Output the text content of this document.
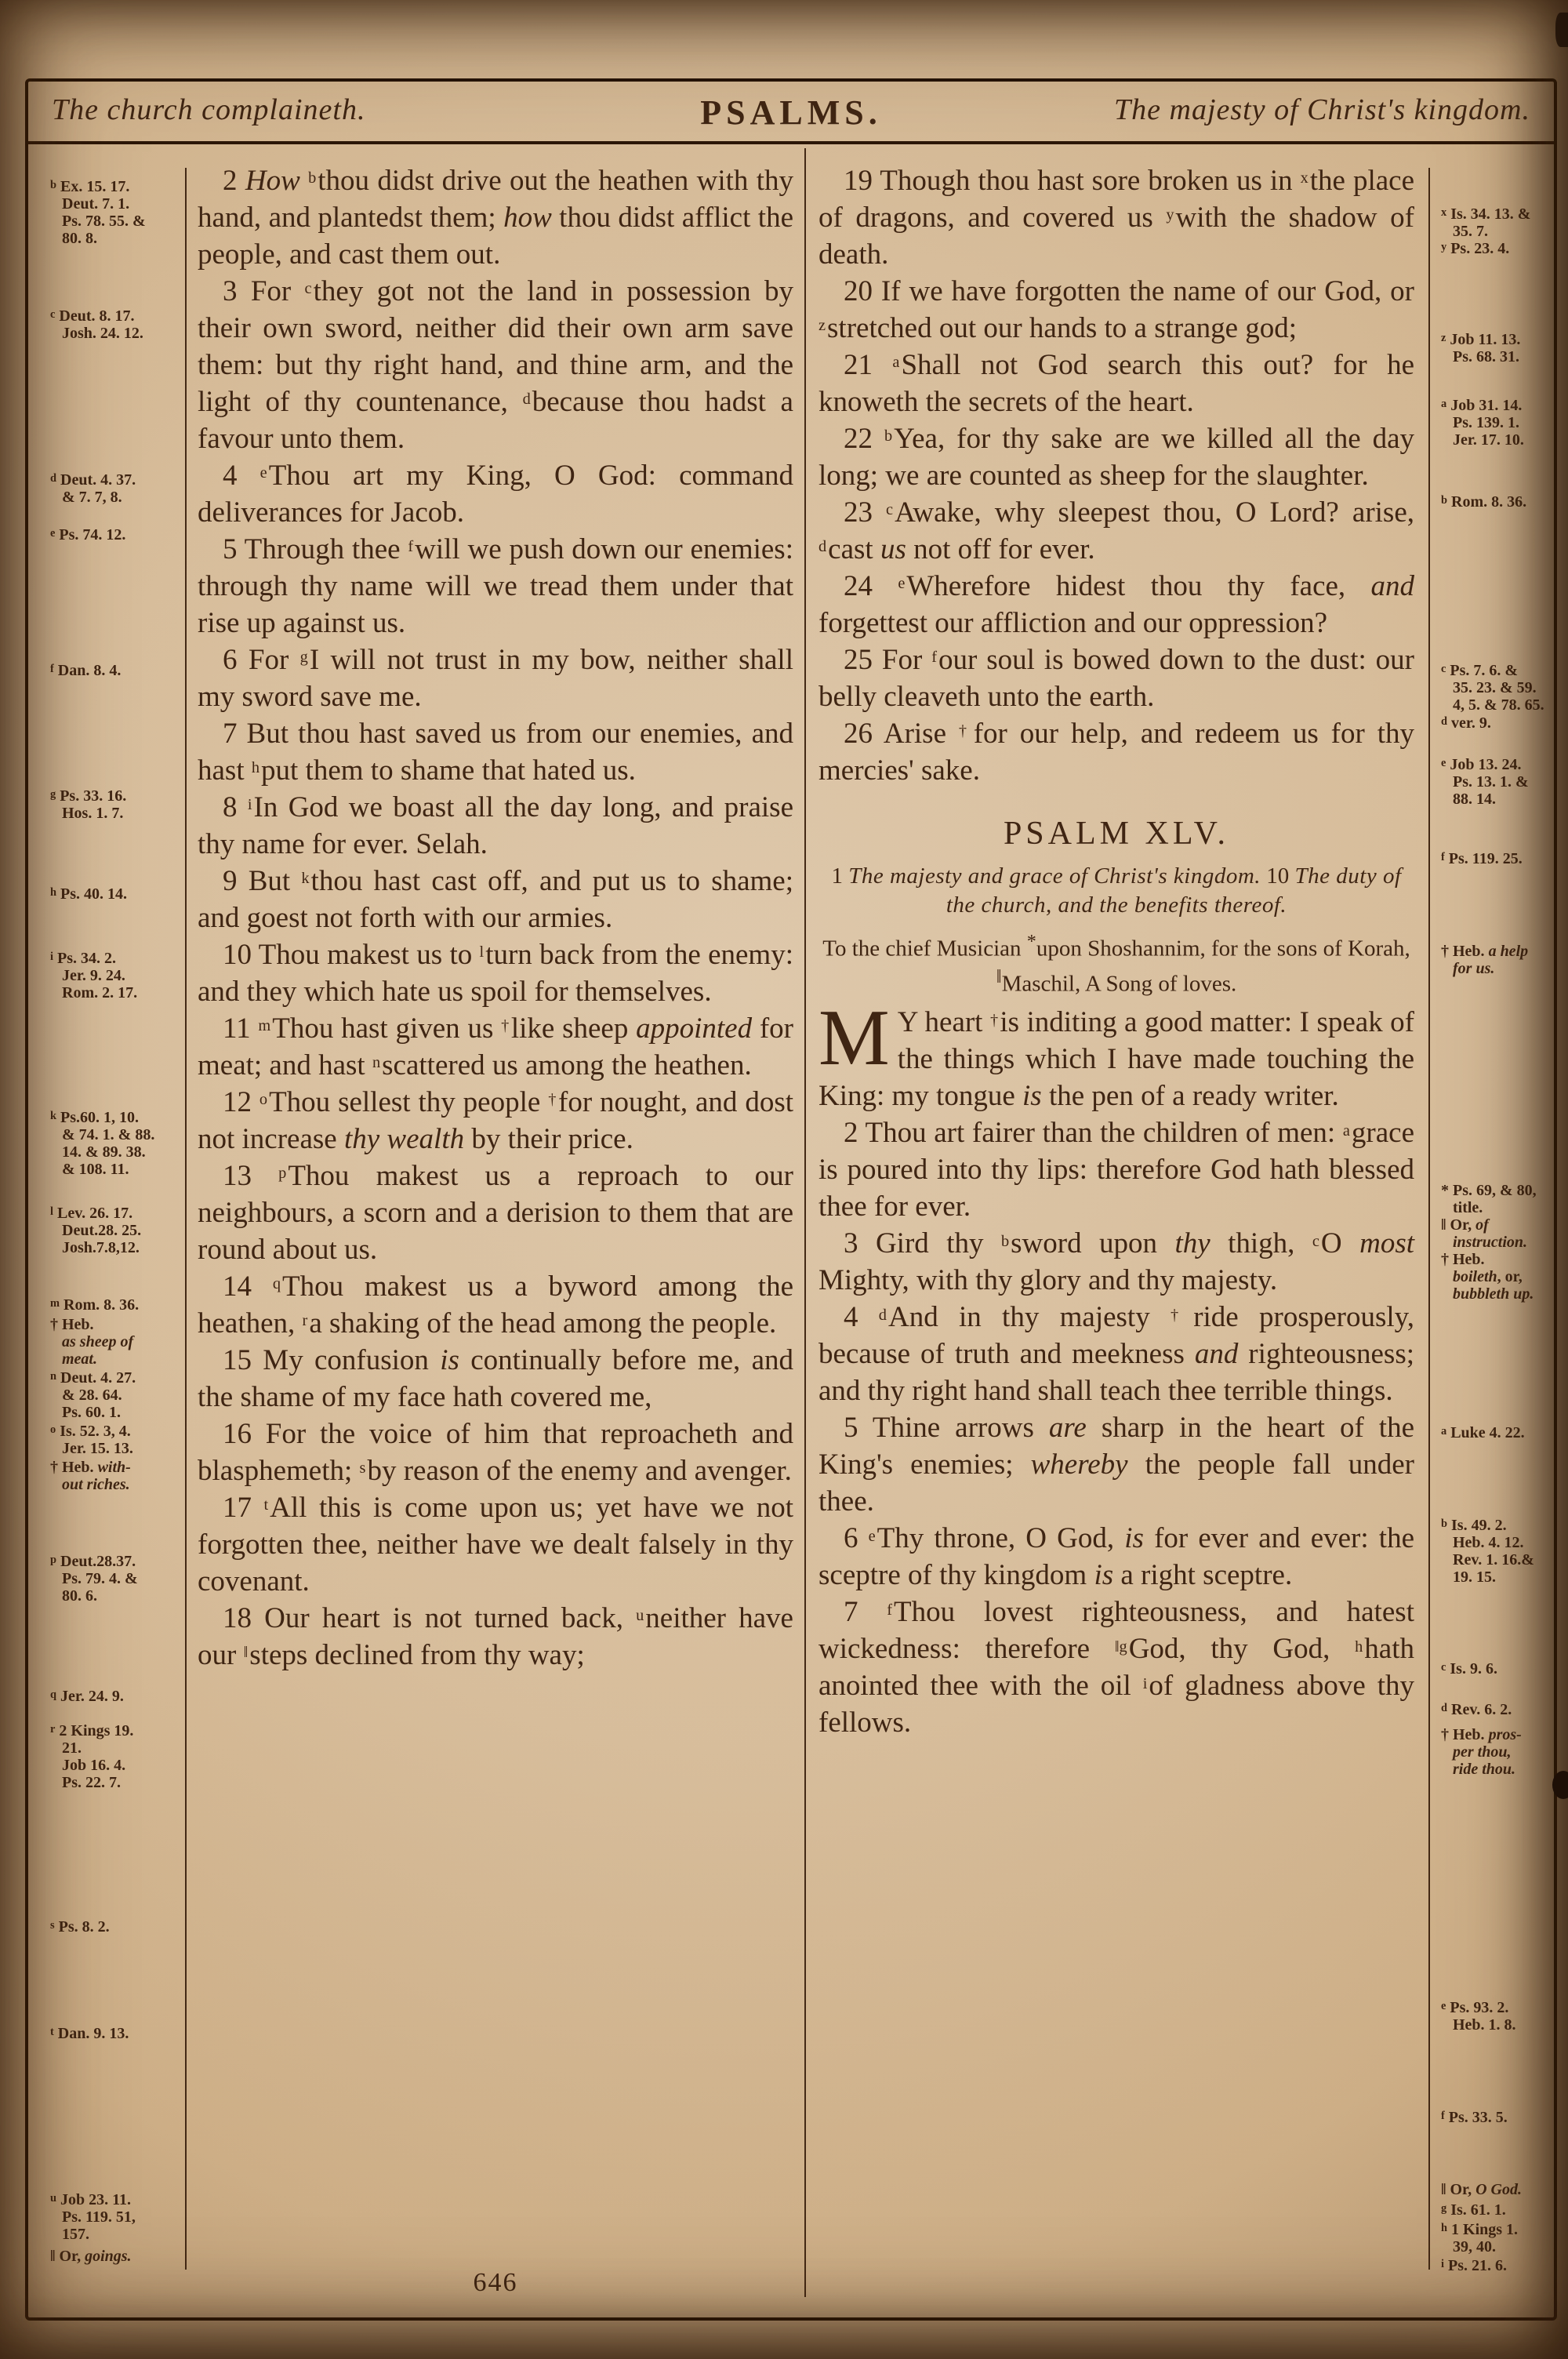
The church complaineth.	PSALMS.	The majesty of Christ's kingdom.
$^b$ Ex. 15. 17.
Deut. 7. 1.
Ps. 78. 55. &
80. 8.
$^c$ Deut. 8. 17.
Josh. 24. 12.
$^d$ Deut. 4. 37.
& 7. 7, 8.
$^e$ Ps. 74. 12.
$^f$ Dan. 8. 4.
$^g$ Ps. 33. 16.
Hos. 1. 7.
$^h$ Ps. 40. 14.
$^i$ Ps. 34. 2.
Jer. 9. 24.
Rom. 2. 17.
$^k$ Ps.60. 1, 10.
& 74. 1. & 88.
14. & 89. 38.
& 108. 11.
$^l$ Lev. 26. 17.
Deut.28. 25.
Josh.7.8,12.
$^m$ Rom. 8. 36.
† Heb.
as sheep of
meat.
$^n$ Deut. 4. 27.
& 28. 64.
Ps. 60. 1.
$^o$ Is. 52. 3, 4.
Jer. 15. 13.
† Heb. with-
out riches.
$^p$ Deut.28.37.
Ps. 79. 4. &
80. 6.
$^q$ Jer. 24. 9.
$^r$ 2 Kings 19.
21.
Job 16. 4.
Ps. 22. 7.
$^s$ Ps. 8. 2.
$^t$ Dan. 9. 13.
$^u$ Job 23. 11.
Ps. 119. 51,
157.
‖ Or, goings.

2 How $^b$thou didst drive out the heathen with thy hand, and plantedst them; how thou didst afflict the people, and cast them out.

3 For $^c$they got not the land in possession by their own sword, neither did their own arm save them: but thy right hand, and thine arm, and the light of thy countenance, $^d$because thou hadst a favour unto them.

4 $^e$Thou art my King, O God: command deliverances for Jacob.

5 Through thee $^f$will we push down our enemies: through thy name will we tread them under that rise up against us.

6 For $^g$I will not trust in my bow, neither shall my sword save me.

7 But thou hast saved us from our enemies, and hast $^h$put them to shame that hated us.

8 $^i$In God we boast all the day long, and praise thy name for ever. Selah.

9 But $^k$thou hast cast off, and put us to shame; and goest not forth with our armies.

10 Thou makest us to $^l$turn back from the enemy: and they which hate us spoil for themselves.

11 $^m$Thou hast given us †like sheep appointed for meat; and hast $^n$scattered us among the heathen.

12 $^o$Thou sellest thy people †for nought, and dost not increase thy wealth by their price.

13 $^p$Thou makest us a reproach to our neighbours, a scorn and a derision to them that are round about us.

14 $^q$Thou makest us a byword among the heathen, $^r$a shaking of the head among the people.

15 My confusion is continually before me, and the shame of my face hath covered me,

16 For the voice of him that reproacheth and blasphemeth; $^s$by reason of the enemy and avenger.

17 $^t$All this is come upon us; yet have we not forgotten thee, neither have we dealt falsely in thy covenant.

18 Our heart is not turned back, $^u$neither have our ‖steps declined from thy way;

19 Though thou hast sore broken us in $^x$the place of dragons, and covered us $^y$with the shadow of death.

20 If we have forgotten the name of our God, or $^z$stretched out our hands to a strange god;

21 $^a$Shall not God search this out? for he knoweth the secrets of the heart.

22 $^b$Yea, for thy sake are we killed all the day long; we are counted as sheep for the slaughter.

23 $^c$Awake, why sleepest thou, O Lord? arise, $^d$cast us not off for ever.

24 $^e$Wherefore hidest thou thy face, and forgettest our affliction and our oppression?

25 For $^f$our soul is bowed down to the dust: our belly cleaveth unto the earth.

26 Arise †for our help, and redeem us for thy mercies' sake.

PSALM XLV.

1 The majesty and grace of Christ's kingdom. 10 The duty of the church, and the benefits thereof.

To the chief Musician *upon Shoshannim, for the sons of Korah, ‖Maschil, A Song of loves.

M Y heart †is inditing a good matter: I speak of the things which I have made touching the King: my tongue is the pen of a ready writer.

2 Thou art fairer than the children of men: $^a$grace is poured into thy lips: therefore God hath blessed thee for ever.

3 Gird thy $^b$sword upon thy thigh, $^c$O most Mighty, with thy glory and thy majesty.

4 $^d$And in thy majesty †ride prosperously, because of truth and meekness and righteousness; and thy right hand shall teach thee terrible things.

5 Thine arrows are sharp in the heart of the King's enemies; whereby the people fall under thee.

6 $^e$Thy throne, O God, is for ever and ever: the sceptre of thy kingdom is a right sceptre.

7 $^f$Thou lovest righteousness, and hatest wickedness: therefore $^{‖g}$God, thy God, $^h$hath anointed thee with the oil $^i$of gladness above thy fellows.

$^x$ Is. 34. 13. &
35. 7.
$^y$ Ps. 23. 4.
$^z$ Job 11. 13.
Ps. 68. 31.
$^a$ Job 31. 14.
Ps. 139. 1.
Jer. 17. 10.
$^b$ Rom. 8. 36.
$^c$ Ps. 7. 6. &
35. 23. & 59.
4, 5. & 78. 65.
$^d$ ver. 9.
$^e$ Job 13. 24.
Ps. 13. 1. &
88. 14.
$^f$ Ps. 119. 25.
† Heb. a help
for us.
* Ps. 69, & 80,
title.
‖ Or, of
instruction.
† Heb.
boileth, or,
bubbleth up.
$^a$ Luke 4. 22.
$^b$ Is. 49. 2.
Heb. 4. 12.
Rev. 1. 16.&
19. 15.
$^c$ Is. 9. 6.
$^d$ Rev. 6. 2.
† Heb. pros-
per thou,
ride thou.
$^e$ Ps. 93. 2.
Heb. 1. 8.
$^f$ Ps. 33. 5.
‖ Or, O God.
$^g$ Is. 61. 1.
$^h$ 1 Kings 1.
39, 40.
$^i$ Ps. 21. 6.
646
